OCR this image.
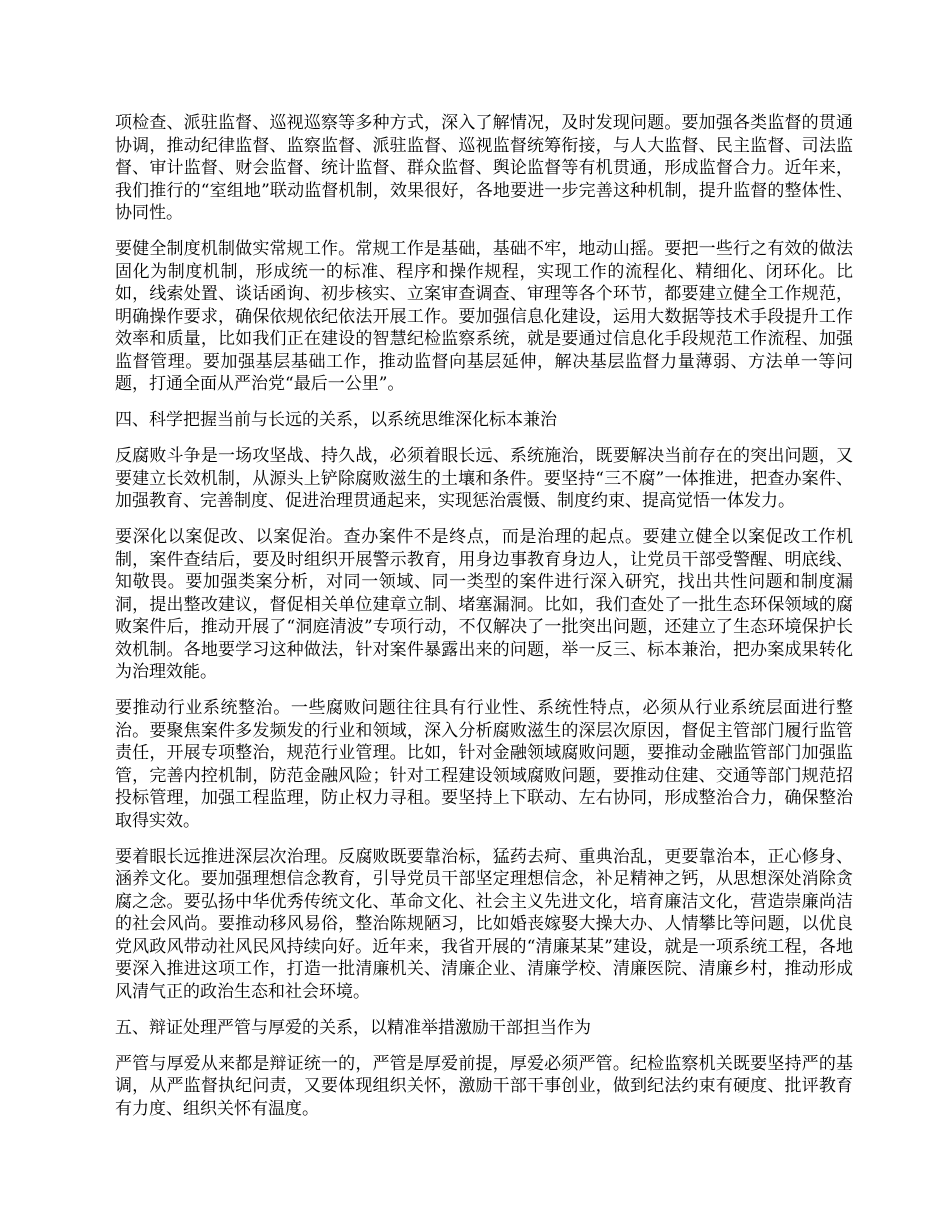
项检查、派驻监督、巡视巡察等多种方式，深入了解情况，及时发现问题。要加强各类监督的贯通协调，推动纪律监督、监察监督、派驻监督、巡视监督统筹衔接，与人大监督、民主监督、司法监督、审计监督、财会监督、统计监督、群众监督、舆论监督等有机贯通，形成监督合力。近年来，我们推行的“室组地”联动监督机制，效果很好，各地要进一步完善这种机制，提升监督的整体性、协同性。

要健全制度机制做实常规工作。常规工作是基础，基础不牢，地动山摇。要把一些行之有效的做法固化为制度机制，形成统一的标准、程序和操作规程，实现工作的流程化、精细化、闭环化。比如，线索处置、谈话函询、初步核实、立案审查调查、审理等各个环节，都要建立健全工作规范，明确操作要求，确保依规依纪依法开展工作。要加强信息化建设，运用大数据等技术手段提升工作效率和质量，比如我们正在建设的智慧纪检监察系统，就是要通过信息化手段规范工作流程、加强监督管理。要加强基层基础工作，推动监督向基层延伸，解决基层监督力量薄弱、方法单一等问题，打通全面从严治党“最后一公里”。

四、科学把握当前与长远的关系，以系统思维深化标本兼治

反腐败斗争是一场攻坚战、持久战，必须着眼长远、系统施治，既要解决当前存在的突出问题，又要建立长效机制，从源头上铲除腐败滋生的土壤和条件。要坚持“三不腐”一体推进，把查办案件、加强教育、完善制度、促进治理贯通起来，实现惩治震慑、制度约束、提高觉悟一体发力。

要深化以案促改、以案促治。查办案件不是终点，而是治理的起点。要建立健全以案促改工作机制，案件查结后，要及时组织开展警示教育，用身边事教育身边人，让党员干部受警醒、明底线、知敬畏。要加强类案分析，对同一领域、同一类型的案件进行深入研究，找出共性问题和制度漏洞，提出整改建议，督促相关单位建章立制、堵塞漏洞。比如，我们查处了一批生态环保领域的腐败案件后，推动开展了“洞庭清波”专项行动，不仅解决了一批突出问题，还建立了生态环境保护长效机制。各地要学习这种做法，针对案件暴露出来的问题，举一反三、标本兼治，把办案成果转化为治理效能。

要推动行业系统整治。一些腐败问题往往具有行业性、系统性特点，必须从行业系统层面进行整治。要聚焦案件多发频发的行业和领域，深入分析腐败滋生的深层次原因，督促主管部门履行监管责任，开展专项整治，规范行业管理。比如，针对金融领域腐败问题，要推动金融监管部门加强监管，完善内控机制，防范金融风险；针对工程建设领域腐败问题，要推动住建、交通等部门规范招投标管理，加强工程监理，防止权力寻租。要坚持上下联动、左右协同，形成整治合力，确保整治取得实效。

要着眼长远推进深层次治理。反腐败既要靠治标，猛药去疴、重典治乱，更要靠治本，正心修身、涵养文化。要加强理想信念教育，引导党员干部坚定理想信念，补足精神之钙，从思想深处消除贪腐之念。要弘扬中华优秀传统文化、革命文化、社会主义先进文化，培育廉洁文化，营造崇廉尚洁的社会风尚。要推动移风易俗，整治陈规陋习，比如婚丧嫁娶大操大办、人情攀比等问题，以优良党风政风带动社风民风持续向好。近年来，我省开展的“清廉某某”建设，就是一项系统工程，各地要深入推进这项工作，打造一批清廉机关、清廉企业、清廉学校、清廉医院、清廉乡村，推动形成风清气正的政治生态和社会环境。

五、辩证处理严管与厚爱的关系，以精准举措激励干部担当作为

严管与厚爱从来都是辩证统一的，严管是厚爱前提，厚爱必须严管。纪检监察机关既要坚持严的基调，从严监督执纪问责，又要体现组织关怀，激励干部干事创业，做到纪法约束有硬度、批评教育有力度、组织关怀有温度。
